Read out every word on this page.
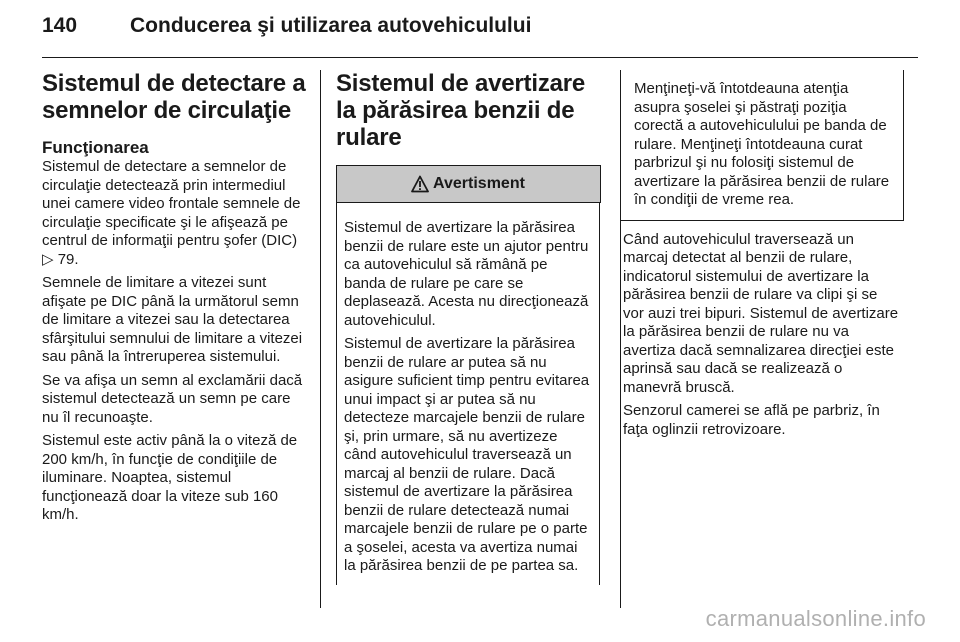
140	Conducerea şi utilizarea autovehiculului
Sistemul de detectare a semnelor de circulaţie
Funcţionarea

Sistemul de detectare a semnelor de circulaţie detectează prin intermediul unei camere video frontale semnele de circulaţie specificate şi le afişează pe centrul de informaţii pentru şofer (DIC) ▷ 79.

Semnele de limitare a vitezei sunt afişate pe DIC până la următorul semn de limitare a vitezei sau la detectarea sfârşitului semnului de limitare a vitezei sau până la întreruperea sistemului.

Se va afişa un semn al exclamării dacă sistemul detectează un semn pe care nu îl recunoaşte.

Sistemul este activ până la o viteză de 200 km/h, în funcţie de condiţiile de iluminare. Noaptea, sistemul funcţionează doar la viteze sub 160 km/h.

Sistemul de avertizare la părăsirea benzii de rulare
Avertisment

Sistemul de avertizare la părăsirea benzii de rulare este un ajutor pentru ca autovehiculul să rămână pe banda de rulare pe care se deplasează. Acesta nu direcţionează autovehiculul.

Sistemul de avertizare la părăsirea benzii de rulare ar putea să nu asigure suficient timp pentru evitarea unui impact şi ar putea să nu detecteze marcajele benzii de rulare şi, prin urmare, să nu avertizeze când autovehiculul traversează un marcaj al benzii de rulare. Dacă sistemul de avertizare la părăsirea benzii de rulare detectează numai marcajele benzii de rulare pe o parte a şoselei, acesta va avertiza numai la părăsirea benzii de pe partea sa.

Menţineţi-vă întotdeauna atenţia asupra şoselei şi păstraţi poziţia corectă a autovehiculului pe banda de rulare. Menţineţi întotdeauna curat parbrizul şi nu folosiţi sistemul de avertizare la părăsirea benzii de rulare în condiţii de vreme rea.

Când autovehiculul traversează un marcaj detectat al benzii de rulare, indicatorul sistemului de avertizare la părăsirea benzii de rulare va clipi şi se vor auzi trei bipuri. Sistemul de avertizare la părăsirea benzii de rulare nu va avertiza dacă semnalizarea direcţiei este aprinsă sau dacă se realizează o manevră bruscă.

Senzorul camerei se află pe parbriz, în faţa oglinzii retrovizoare.

carmanualsonline.info
